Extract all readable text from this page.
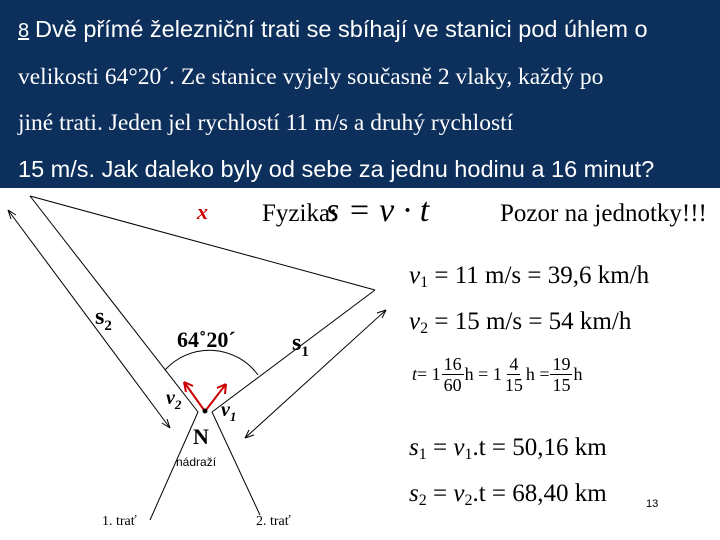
8 Dvě přímé železniční trati se sbíhají ve stanici pod úhlem o
velikosti 64°20´. Ze stanice vyjely současně 2 vlaky, každý po
jiné trati. Jeden jel rychlostí 11 m/s a druhý rychlostí
15 m/s. Jak daleko byly od sebe za jednu hodinu a 16 minut?
x
$s_2$
$s_1$
64˚20´
$v_2$ $v_1$
N
nádraží
1. trať	2. trať
Fyzika:
s = v · t	Pozor na jednotky!!!
$v_1 = 11$ m/s = 39,6 km/h
$v_2 = 15$ m/s = 54 km/h
$t = 1 \frac{16}{60}$ $h = 1 \frac{4}{15}$ $h = \frac{19}{15}$ h
$s_1 = v_1.t = 50,16$ km
$s_2 = v_2.t = 68,40$ km	13
